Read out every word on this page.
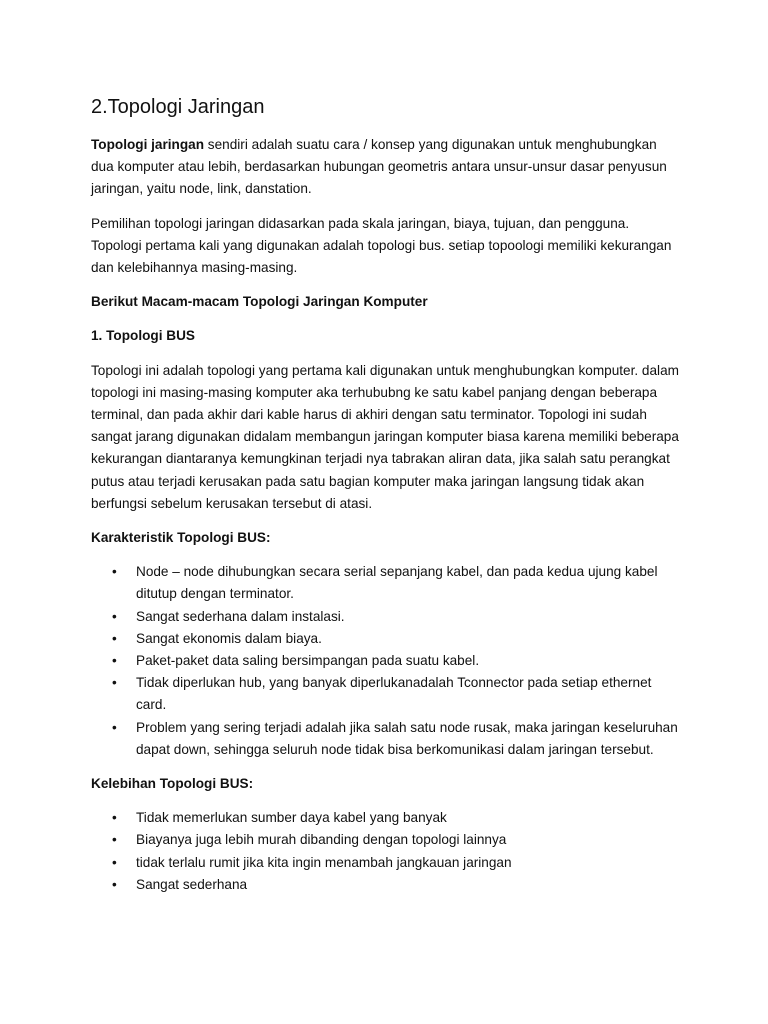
2.Topologi Jaringan

Topologi jaringan sendiri adalah suatu cara / konsep yang digunakan untuk menghubungkan dua komputer atau lebih, berdasarkan hubungan geometris antara unsur-unsur dasar penyusun jaringan, yaitu node, link, danstation.

Pemilihan topologi jaringan didasarkan pada skala jaringan, biaya, tujuan, dan pengguna. Topologi pertama kali yang digunakan adalah topologi bus. setiap topoologi memiliki kekurangan dan kelebihannya masing-masing.

Berikut Macam-macam Topologi Jaringan Komputer
1. Topologi BUS

Topologi ini adalah topologi yang pertama kali digunakan untuk menghubungkan komputer. dalam topologi ini masing-masing komputer aka terhububng ke satu kabel panjang dengan beberapa terminal, dan pada akhir dari kable harus di akhiri dengan satu terminator. Topologi ini sudah sangat jarang digunakan didalam membangun jaringan komputer biasa karena memiliki beberapa kekurangan diantaranya kemungkinan terjadi nya tabrakan aliran data, jika salah satu perangkat putus atau terjadi kerusakan pada satu bagian komputer maka jaringan langsung tidak akan berfungsi sebelum kerusakan tersebut di atasi.

Karakteristik Topologi BUS:
• Node – node dihubungkan secara serial sepanjang kabel, dan pada kedua ujung kabel ditutup dengan terminator.
• Sangat sederhana dalam instalasi.
• Sangat ekonomis dalam biaya.
• Paket-paket data saling bersimpangan pada suatu kabel.
• Tidak diperlukan hub, yang banyak diperlukanadalah Tconnector pada setiap ethernet card.
• Problem yang sering terjadi adalah jika salah satu node rusak, maka jaringan keseluruhan dapat down, sehingga seluruh node tidak bisa berkomunikasi dalam jaringan tersebut.
Kelebihan Topologi BUS:
• Tidak memerlukan sumber daya kabel yang banyak
• Biayanya juga lebih murah dibanding dengan topologi lainnya
• tidak terlalu rumit jika kita ingin menambah jangkauan jaringan
• Sangat sederhana
